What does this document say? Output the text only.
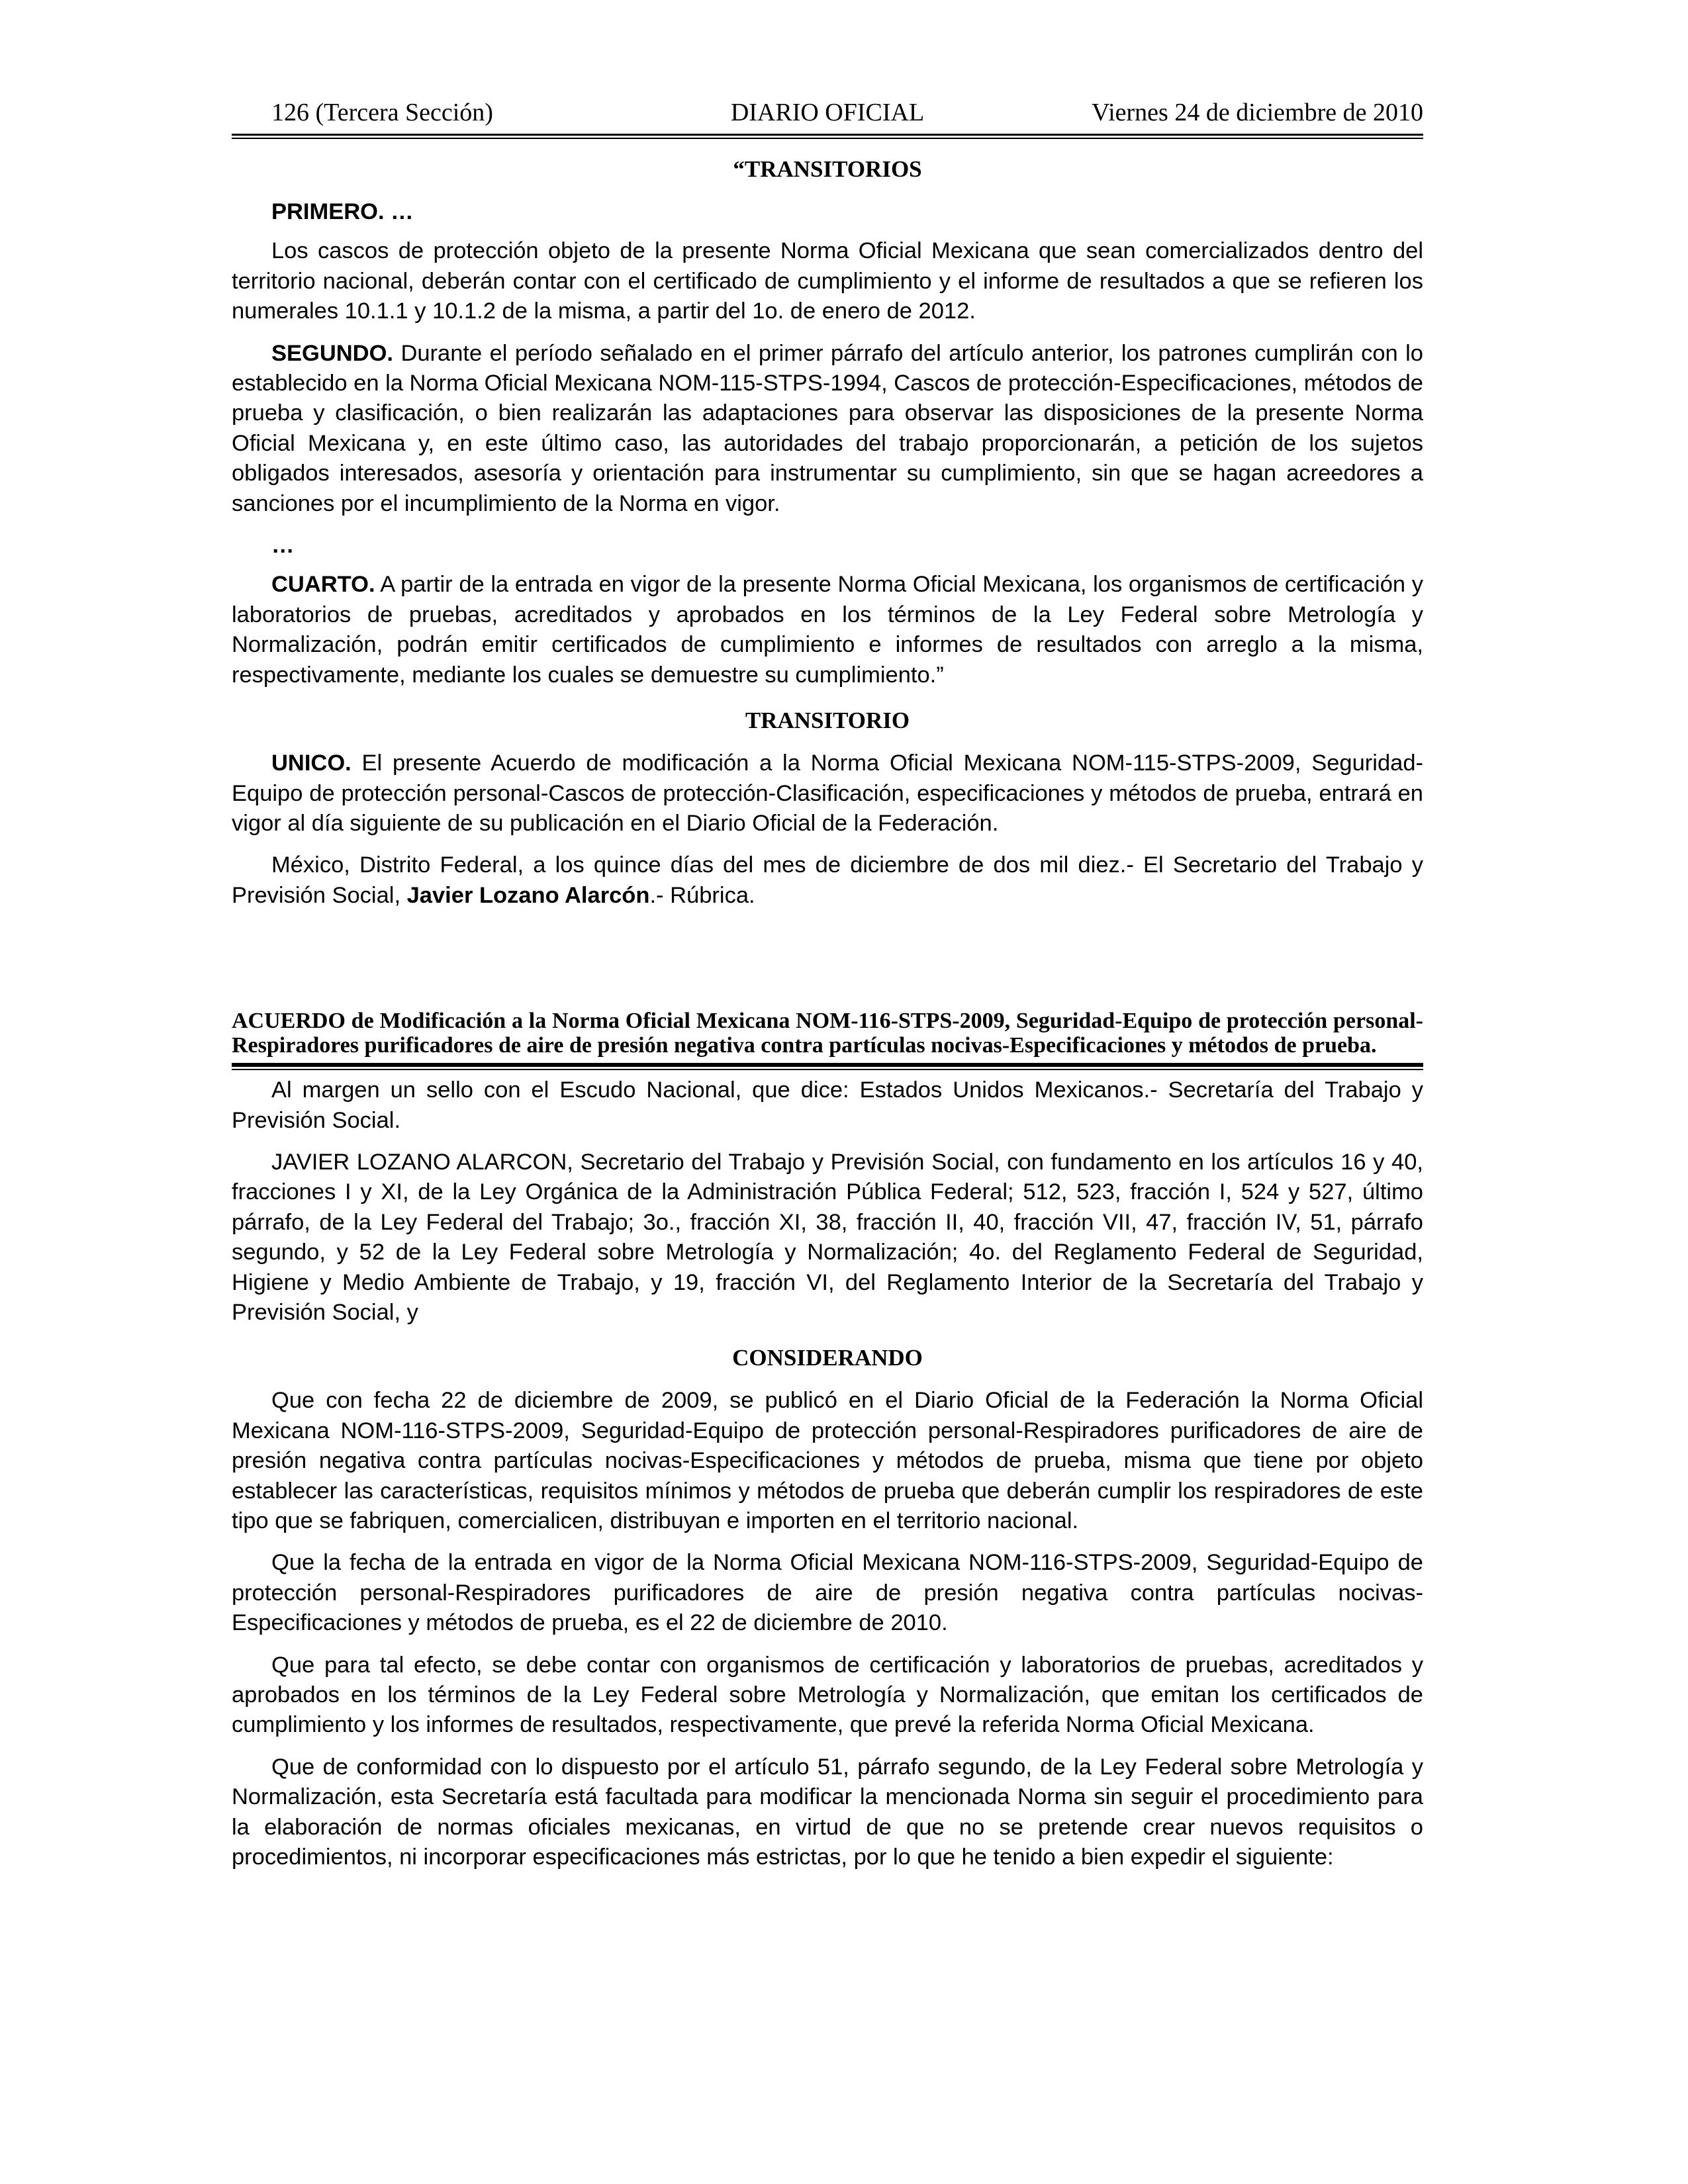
126 (Tercera Sección)	DIARIO OFICIAL	Viernes 24 de diciembre de 2010
“TRANSITORIOS
PRIMERO. …

Los cascos de protección objeto de la presente Norma Oficial Mexicana que sean comercializados dentro del territorio nacional, deberán contar con el certificado de cumplimiento y el informe de resultados a que se refieren los numerales 10.1.1 y 10.1.2 de la misma, a partir del 1o. de enero de 2012.

SEGUNDO. Durante el período señalado en el primer párrafo del artículo anterior, los patrones cumplirán con lo establecido en la Norma Oficial Mexicana NOM-115-STPS-1994, Cascos de protección-Especificaciones, métodos de prueba y clasificación, o bien realizarán las adaptaciones para observar las disposiciones de la presente Norma Oficial Mexicana y, en este último caso, las autoridades del trabajo proporcionarán, a petición de los sujetos obligados interesados, asesoría y orientación para instrumentar su cumplimiento, sin que se hagan acreedores a sanciones por el incumplimiento de la Norma en vigor.

…

CUARTO. A partir de la entrada en vigor de la presente Norma Oficial Mexicana, los organismos de certificación y laboratorios de pruebas, acreditados y aprobados en los términos de la Ley Federal sobre Metrología y Normalización, podrán emitir certificados de cumplimiento e informes de resultados con arreglo a la misma, respectivamente, mediante los cuales se demuestre su cumplimiento.”

TRANSITORIO

UNICO. El presente Acuerdo de modificación a la Norma Oficial Mexicana NOM-115-STPS-2009, Seguridad-Equipo de protección personal-Cascos de protección-Clasificación, especificaciones y métodos de prueba, entrará en vigor al día siguiente de su publicación en el Diario Oficial de la Federación.

México, Distrito Federal, a los quince días del mes de diciembre de dos mil diez.- El Secretario del Trabajo y Previsión Social, Javier Lozano Alarcón.- Rúbrica.

ACUERDO de Modificación a la Norma Oficial Mexicana NOM-116-STPS-2009, Seguridad-Equipo de protección personal-Respiradores purificadores de aire de presión negativa contra partículas nocivas-Especificaciones y métodos de prueba.

Al margen un sello con el Escudo Nacional, que dice: Estados Unidos Mexicanos.- Secretaría del Trabajo y Previsión Social.

JAVIER LOZANO ALARCON, Secretario del Trabajo y Previsión Social, con fundamento en los artículos 16 y 40, fracciones I y XI, de la Ley Orgánica de la Administración Pública Federal; 512, 523, fracción I, 524 y 527, último párrafo, de la Ley Federal del Trabajo; 3o., fracción XI, 38, fracción II, 40, fracción VII, 47, fracción IV, 51, párrafo segundo, y 52 de la Ley Federal sobre Metrología y Normalización; 4o. del Reglamento Federal de Seguridad, Higiene y Medio Ambiente de Trabajo, y 19, fracción VI, del Reglamento Interior de la Secretaría del Trabajo y Previsión Social, y

CONSIDERANDO

Que con fecha 22 de diciembre de 2009, se publicó en el Diario Oficial de la Federación la Norma Oficial Mexicana NOM-116-STPS-2009, Seguridad-Equipo de protección personal-Respiradores purificadores de aire de presión negativa contra partículas nocivas-Especificaciones y métodos de prueba, misma que tiene por objeto establecer las características, requisitos mínimos y métodos de prueba que deberán cumplir los respiradores de este tipo que se fabriquen, comercialicen, distribuyan e importen en el territorio nacional.

Que la fecha de la entrada en vigor de la Norma Oficial Mexicana NOM-116-STPS-2009, Seguridad-Equipo de protección personal-Respiradores purificadores de aire de presión negativa contra partículas nocivas-Especificaciones y métodos de prueba, es el 22 de diciembre de 2010.

Que para tal efecto, se debe contar con organismos de certificación y laboratorios de pruebas, acreditados y aprobados en los términos de la Ley Federal sobre Metrología y Normalización, que emitan los certificados de cumplimiento y los informes de resultados, respectivamente, que prevé la referida Norma Oficial Mexicana.

Que de conformidad con lo dispuesto por el artículo 51, párrafo segundo, de la Ley Federal sobre Metrología y Normalización, esta Secretaría está facultada para modificar la mencionada Norma sin seguir el procedimiento para la elaboración de normas oficiales mexicanas, en virtud de que no se pretende crear nuevos requisitos o procedimientos, ni incorporar especificaciones más estrictas, por lo que he tenido a bien expedir el siguiente:
